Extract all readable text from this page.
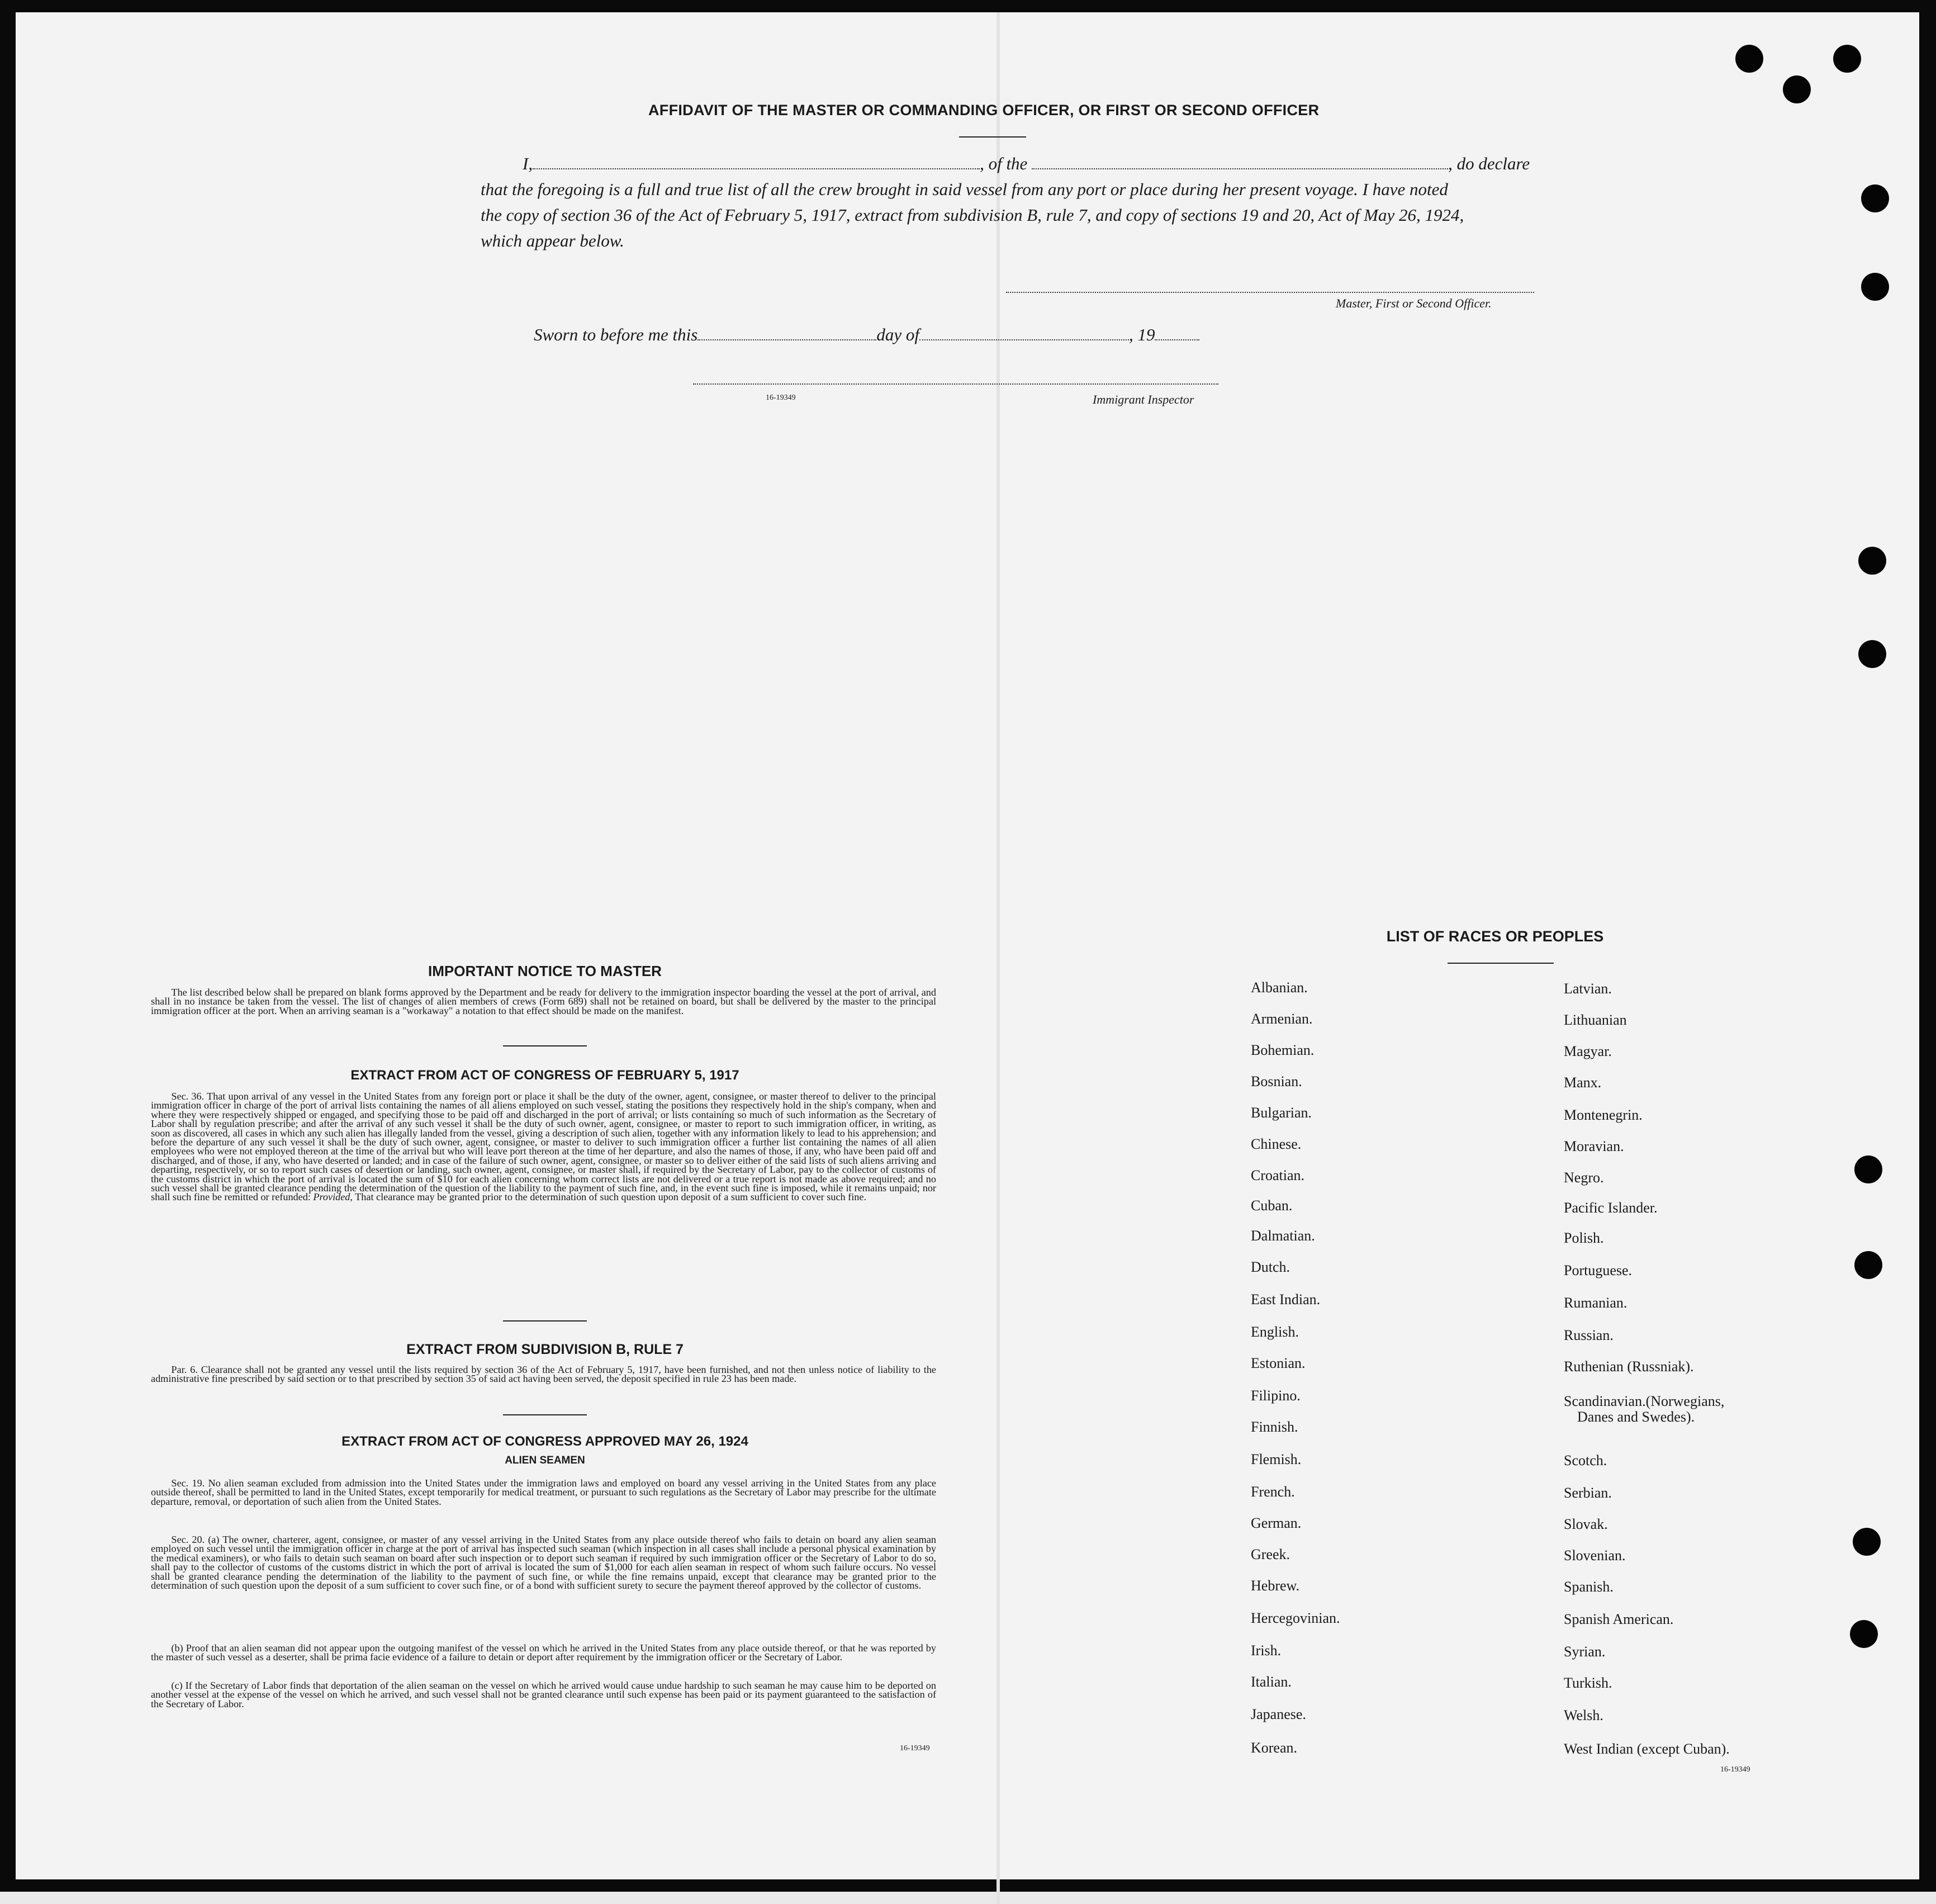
AFFIDAVIT OF THE MASTER OR COMMANDING OFFICER, OR FIRST OR SECOND OFFICER
I,	, of the	, do declare
that the foregoing is a full and true list of all the crew brought in said vessel from any port or place during her present voyage. I have noted
the copy of section 36 of the Act of February 5, 1917, extract from subdivision B, rule 7, and copy of sections 19 and 20, Act of May 26, 1924,
which appear below.
Master, First or Second Officer.
Sworn to before me this	day of	, 19
16-19349	Immigrant Inspector
IMPORTANT NOTICE TO MASTER
The list described below shall be prepared on blank forms approved by the Department and be ready for delivery to the immigration inspector boarding the vessel at the port of arrival, and shall in no instance be taken from the vessel. The list of changes of alien members of crews (Form 689) shall not be retained on board, but shall be delivered by the master to the principal immigration officer at the port. When an arriving seaman is a "workaway" a notation to that effect should be made on the manifest.
EXTRACT FROM ACT OF CONGRESS OF FEBRUARY 5, 1917
Sec. 36. That upon arrival of any vessel in the United States from any foreign port or place it shall be the duty of the owner, agent, consignee, or master thereof to deliver to the principal immigration officer in charge of the port of arrival lists containing the names of all aliens employed on such vessel, stating the positions they respectively hold in the ship's company, when and where they were respectively shipped or engaged, and specifying those to be paid off and discharged in the port of arrival; or lists containing so much of such information as the Secretary of Labor shall by regulation prescribe; and after the arrival of any such vessel it shall be the duty of such owner, agent, consignee, or master to report to such immigration officer, in writing, as soon as discovered, all cases in which any such alien has illegally landed from the vessel, giving a description of such alien, together with any information likely to lead to his apprehension; and before the departure of any such vessel it shall be the duty of such owner, agent, consignee, or master to deliver to such immigration officer a further list containing the names of all alien employees who were not employed thereon at the time of the arrival but who will leave port thereon at the time of her departure, and also the names of those, if any, who have been paid off and discharged, and of those, if any, who have deserted or landed; and in case of the failure of such owner, agent, consignee, or master so to deliver either of the said lists of such aliens arriving and departing, respectively, or so to report such cases of desertion or landing, such owner, agent, consignee, or master shall, if required by the Secretary of Labor, pay to the collector of customs of the customs district in which the port of arrival is located the sum of $10 for each alien concerning whom correct lists are not delivered or a true report is not made as above required; and no such vessel shall be granted clearance pending the determination of the question of the liability to the payment of such fine, and, in the event such fine is imposed, while it remains unpaid; nor shall such fine be remitted or refunded: Provided, That clearance may be granted prior to the determination of such question upon deposit of a sum sufficient to cover such fine.
EXTRACT FROM SUBDIVISION B, RULE 7
Par. 6. Clearance shall not be granted any vessel until the lists required by section 36 of the Act of February 5, 1917, have been furnished, and not then unless notice of liability to the administrative fine prescribed by said section or to that prescribed by section 35 of said act having been served, the deposit specified in rule 23 has been made.
EXTRACT FROM ACT OF CONGRESS APPROVED MAY 26, 1924
ALIEN SEAMEN
Sec. 19. No alien seaman excluded from admission into the United States under the immigration laws and employed on board any vessel arriving in the United States from any place outside thereof, shall be permitted to land in the United States, except temporarily for medical treatment, or pursuant to such regulations as the Secretary of Labor may prescribe for the ultimate departure, removal, or deportation of such alien from the United States.
Sec. 20. (a) The owner, charterer, agent, consignee, or master of any vessel arriving in the United States from any place outside thereof who fails to detain on board any alien seaman employed on such vessel until the immigration officer in charge at the port of arrival has inspected such seaman (which inspection in all cases shall include a personal physical examination by the medical examiners), or who fails to detain such seaman on board after such inspection or to deport such seaman if required by such immigration officer or the Secretary of Labor to do so, shall pay to the collector of customs of the customs district in which the port of arrival is located the sum of $1,000 for each alien seaman in respect of whom such failure occurs. No vessel shall be granted clearance pending the determination of the liability to the payment of such fine, or while the fine remains unpaid, except that clearance may be granted prior to the determination of such question upon the deposit of a sum sufficient to cover such fine, or of a bond with sufficient surety to secure the payment thereof approved by the collector of customs.
(b) Proof that an alien seaman did not appear upon the outgoing manifest of the vessel on which he arrived in the United States from any place outside thereof, or that he was reported by the master of such vessel as a deserter, shall be prima facie evidence of a failure to detain or deport after requirement by the immigration officer or the Secretary of Labor.
(c) If the Secretary of Labor finds that deportation of the alien seaman on the vessel on which he arrived would cause undue hardship to such seaman he may cause him to be deported on another vessel at the expense of the vessel on which he arrived, and such vessel shall not be granted clearance until such expense has been paid or its payment guaranteed to the satisfaction of the Secretary of Labor.
16-19349
LIST OF RACES OR PEOPLES
Albanian.
Armenian.
Bohemian.
Bosnian.
Bulgarian.
Chinese.
Croatian.
Cuban.
Dalmatian.
Dutch.
East Indian.
English.
Estonian.
Filipino.
Finnish.
Flemish.
French.
German.
Greek.
Hebrew.
Hercegovinian.
Irish.
Italian.
Japanese.
Korean.
Latvian.
Lithuanian
Magyar.
Manx.
Montenegrin.
Moravian.
Negro.
Pacific Islander.
Polish.
Portuguese.
Rumanian.
Russian.
Ruthenian (Russniak).
Scandinavian.(Norwegians,
Danes and Swedes).
Scotch.
Serbian.
Slovak.
Slovenian.
Spanish.
Spanish American.
Syrian.
Turkish.
Welsh.
West Indian (except Cuban).
16-19349
